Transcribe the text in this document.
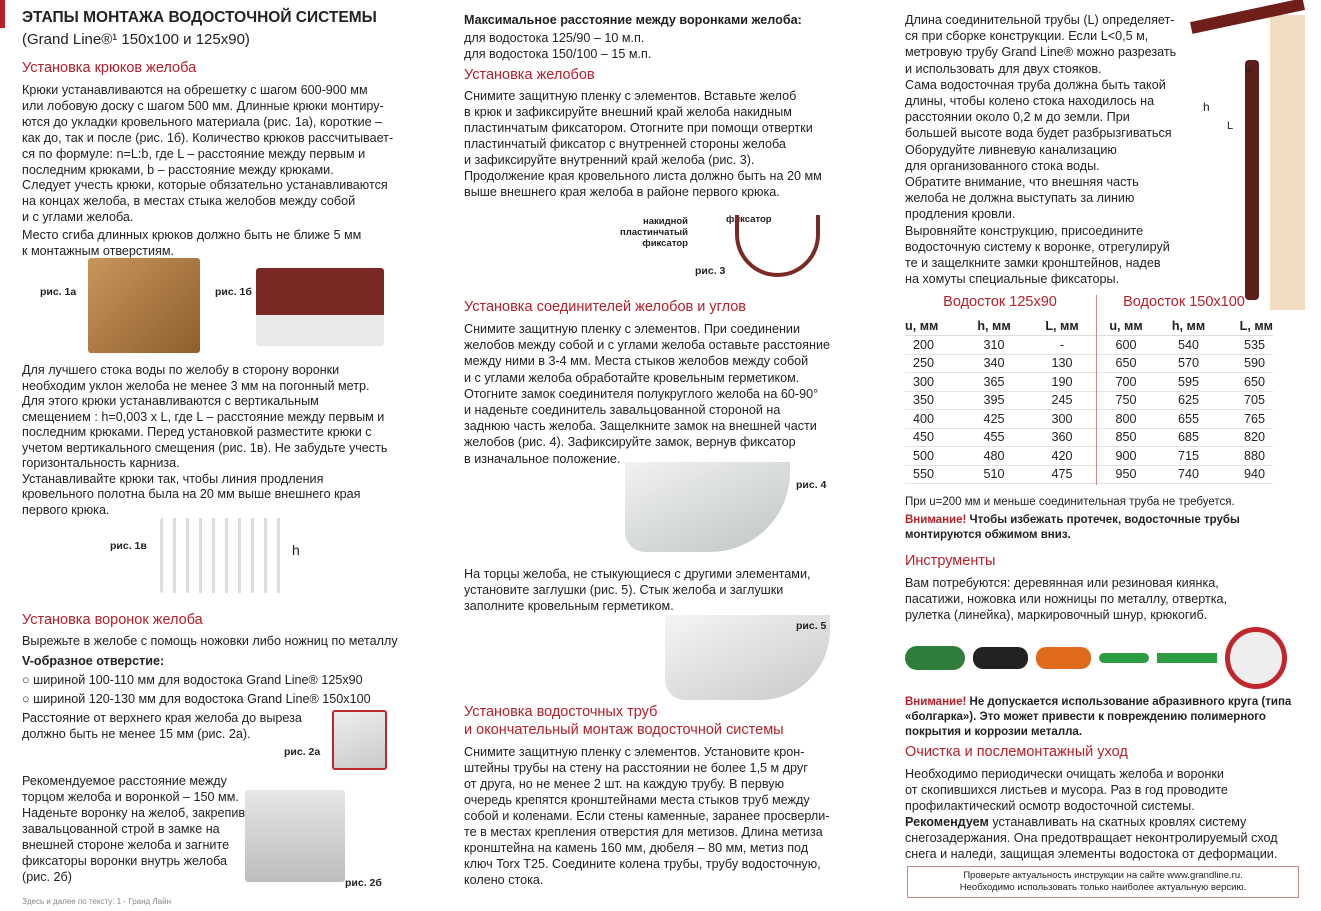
ЭТАПЫ МОНТАЖА ВОДОСТОЧНОЙ СИСТЕМЫ
(Grand Line®¹ 150x100 и 125x90)
Установка крюков желоба
Крюки устанавливаются на обрешетку с шагом 600-900 мм
или лобовую доску с шагом 500 мм. Длинные крюки монтиру-
ются до укладки кровельного материала (рис. 1а), короткие –
как до, так и после (рис. 1б). Количество крюков рассчитывает-
ся по формуле: n=L:b, где L – расстояние между первым и
последним крюками, b – расстояние между крюками.
Следует учесть крюки, которые обязательно устанавливаются
на концах желоба, в местах стыка желобов между собой
и с углами желоба.
Место сгиба длинных крюков должно быть не ближе 5 мм
к монтажным отверстиям.
рис. 1а	рис. 1б
Для лучшего стока воды по желобу в сторону воронки
необходим уклон желоба не менее 3 мм на погонный метр.
Для этого крюки устанавливаются с вертикальным
смещением : h=0,003 x L, где L – расстояние между первым и
последним крюками. Перед установкой разместите крюки с
учетом вертикального смещения (рис. 1в). Не забудьте учесть
горизонтальность карниза.
Устанавливайте крюки так, чтобы линия продления
кровельного полотна была на 20 мм выше внешнего края
первого крюка.
рис. 1в	h
Установка воронок желоба
Вырежьте в желобе с помощь ножовки либо ножниц по металлу
V-образное отверстие:
○ шириной 100-110 мм для водостока Grand Line® 125x90
○ шириной 120-130 мм для водостока Grand Line® 150x100
Расстояние от верхнего края желоба до выреза
должно быть не менее 15 мм (рис. 2а).
рис. 2а
Рекомендуемое расстояние между
торцом желоба и воронкой – 150 мм.
Наденьте воронку на желоб, закрепив
завальцованной строй в замке на
внешней стороне желоба и загните
фиксаторы воронки внутрь желоба
(рис. 2б)	рис. 2б
Здесь и далее по тексту: 1 - Гранд Лайн
Максимальное расстояние между воронками желоба:
для водостока 125/90 – 10 м.п.
для водостока 150/100 – 15 м.п.
Установка желобов
Снимите защитную пленку с элементов. Вставьте желоб
в крюк и зафиксируйте внешний край желоба накидным
пластинчатым фиксатором. Отогните при помощи отвертки
пластинчатый фиксатор с внутренней стороны желоба
и зафиксируйте внутренний край желоба (рис. 3).
Продолжение края кровельного листа должно быть на 20 мм
выше внешнего края желоба в районе первого крюка.
накидной
пластинчатый
фиксатор
фиксатор
рис. 3
Установка соединителей желобов и углов
Снимите защитную пленку с элементов. При соединении
желобов между собой и с углами желоба оставьте расстояние
между ними в 3-4 мм. Места стыков желобов между собой
и с углами желоба обработайте кровельным герметиком.
Отогните замок соединителя полукруглого желоба на 60-90°
и наденьте соединитель завальцованной стороной на
заднюю часть желоба. Защелкните замок на внешней части
желобов (рис. 4). Зафиксируйте замок, вернув фиксатор
в изначальное положение.
рис. 4
На торцы желоба, не стыкующиеся с другими элементами,
установите заглушки (рис. 5). Стык желоба и заглушки
заполните кровельным герметиком.
рис. 5
Установка водосточных труб
и окончательный монтаж водосточной системы
Снимите защитную пленку с элементов. Установите крон-
штейны трубы на стену на расстоянии не более 1,5 м друг
от друга, но не менее 2 шт. на каждую трубу. В первую
очередь крепятся кронштейнами места стыков труб между
собой и коленами. Если стены каменные, заранее просверли-
те в местах крепления отверстия для метизов. Длина метиза
кронштейна на камень 160 мм, дюбеля – 80 мм, метиз под
ключ Torx T25. Соедините колена трубы, трубу водосточную,
колено стока.
Длина соединительной трубы (L) определяет-
ся при сборке конструкции. Если L<0,5 м,
метровую трубу Grand Line® можно разрезать
и использовать для двух стояков.
Сама водосточная труба должна быть такой
длины, чтобы колено стока находилось на
расстоянии около 0,2 м до земли. При
большей высоте вода будет разбрызгиваться
Оборудуйте ливневую канализацию
для организованного стока воды.
Обратите внимание, что внешняя часть
желоба не должна выступать за линию
продления кровли.
Выровняйте конструкцию, присоедините
водосточную систему к воронке, отрегулируй
те и защелкните замки кронштейнов, надев
на хомуты специальные фиксаторы.
u
h
L
Водосток 125x90	Водосток 150x100
u, мм	h, мм	L, мм	u, мм	h, мм	L, мм
200	310	-	600	540	535
250	340	130	650	570	590
300	365	190	700	595	650
350	395	245	750	625	705
400	425	300	800	655	765
450	455	360	850	685	820
500	480	420	900	715	880
550	510	475	950	740	940
При u=200 мм и меньше соединительная труба не требуется.
Внимание! Чтобы избежать протечек, водосточные трубы монтируются обжимом вниз.
Инструменты
Вам потребуются: деревянная или резиновая киянка,
пасатижи, ножовка или ножницы по металлу, отвертка,
рулетка (линейка), маркировочный шнур, крюкогиб.
Внимание! Не допускается использование абразивного круга (типа «болгарка»). Это может привести к повреждению полимерного покрытия и коррозии металла.
Очистка и послемонтажный уход
Необходимо периодически очищать желоба и воронки
от скопившихся листьев и мусора. Раз в год проводите
профилактический осмотр водосточной системы.
Рекомендуем устанавливать на скатных кровлях систему
снегозадержания. Она предотвращает неконтролируемый сход
снега и наледи, защищая элементы водостока от деформации.
Проверьте актуальность инструкции на сайте www.grandline.ru.
Необходимо использовать только наиболее актуальную версию.
